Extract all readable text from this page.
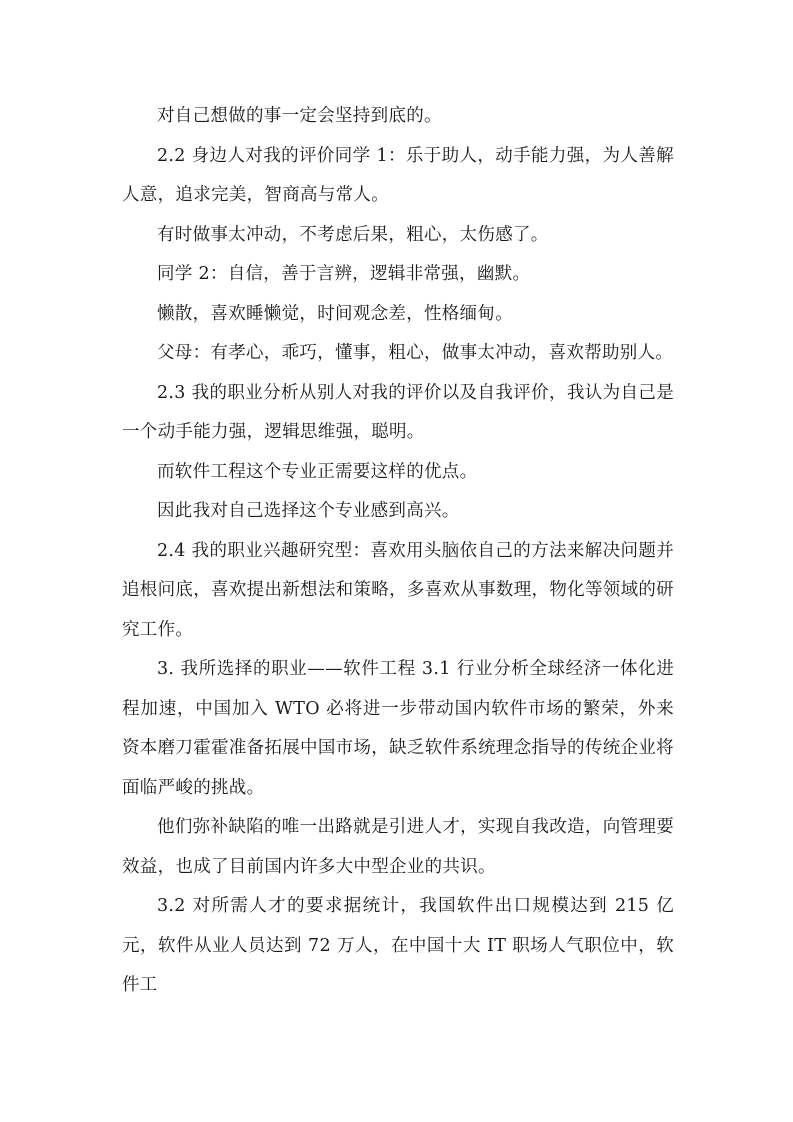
对自己想做的事一定会坚持到底的。

2.2 身边人对我的评价同学 1：乐于助人，动手能力强，为人善解人意，追求完美，智商高与常人。

有时做事太冲动，不考虑后果，粗心，太伤感了。

同学 2：自信，善于言辨，逻辑非常强，幽默。

懒散，喜欢睡懒觉，时间观念差，性格缅甸。

父母：有孝心，乖巧，懂事，粗心，做事太冲动，喜欢帮助别人。

2.3 我的职业分析从别人对我的评价以及自我评价，我认为自己是一个动手能力强，逻辑思维强，聪明。

而软件工程这个专业正需要这样的优点。

因此我对自己选择这个专业感到高兴。

2.4 我的职业兴趣研究型：喜欢用头脑依自己的方法来解决问题并追根问底，喜欢提出新想法和策略，多喜欢从事数理，物化等领域的研究工作。

3. 我所选择的职业——软件工程 3.1 行业分析全球经济一体化进程加速，中国加入 WTO 必将进一步带动国内软件市场的繁荣，外来资本磨刀霍霍准备拓展中国市场，缺乏软件系统理念指导的传统企业将面临严峻的挑战。

他们弥补缺陷的唯一出路就是引进人才，实现自我改造，向管理要效益，也成了目前国内许多大中型企业的共识。

3.2 对所需人才的要求据统计，我国软件出口规模达到 215 亿元，软件从业人员达到 72 万人，在中国十大 IT 职场人气职位中，软件工
